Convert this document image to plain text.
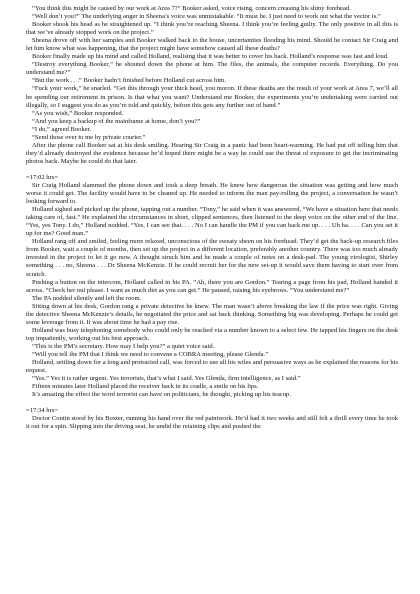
“You think this might be caused by our work at Area 7?” Booker asked, voice rising, concern creasing his shiny forehead.

“Well don’t you?” The underlying anger in Sheena’s voice was unmistakable. “It must be. I just need to work out what the vector is.”

Booker shook his head as he straightened up. “I think you’re reaching Sheena. I think you’re feeling guilty. The only positive in all this is that we’ve already stopped work on the project.”

Sheena drove off with her samples and Booker walked back to the house, uncertainties flooding his mind. Should he contact Sir Craig and let him know what was happening, that the project might have somehow caused all these deaths?

Booker finally made up his mind and called Holland, realising that it was better to cover his back. Holland’s response was fast and loud.

“Destroy everything Booker,” he shouted down the phone at him. The files, the animals, the computer records. Everything. Do you understand me?”

“But the work . . .” Booker hadn’t finished before Holland cut across him.

“Fuck your work,” he snarled. “Get this through your thick head, you moron. If these deaths are the result of your work at Area 7, we’ll all be spending our retirement in prison. Is that what you want? Understand me Booker, the experiments you’re undertaking were carried out illegally, so I suggest you do as you’re told and quickly, before this gets any further out of hand.”

“As you wish,” Booker responded.

“And you keep a backup of the mainframe at home, don’t you?”

“I do,” agreed Booker.

“Send those over to me by private courier.”

After the phone call Booker sat at his desk smiling. Hearing Sir Craig in a panic had been heart-warming. He had put off telling him that they’d already destroyed the evidence because he’d hoped there might be a way he could use the threat of exposure to get the incriminating photos back. Maybe he could do that later.

=17:02 hrs=

Sir Craig Holland slammed the phone down and took a deep breath. He knew how dangerous the situation was getting and how much worse it could get. The facility would have to be cleaned up. He needed to inform the man pay-rolling the project, a conversation he wasn’t looking forward to.

Holland sighed and picked up the phone, tapping out a number. “Tony,” he said when it was answered, “We have a situation here that needs taking care of, fast.” He explained the circumstances in short, clipped sentences, then listened to the deep voice on the other end of the line. “Yes, yes Tony. I do,” Holland nodded. “Yes, I can see that. . . . No I can handle the PM if you can back me up. . . . Uh ha. . . . Can you set it up for me? Good man.”

Holland rang off and smiled, feeling more relaxed, unconscious of the sweaty sheen on his forehead. They’d get the back-up research files from Booker, wait a couple of months, then set up the project in a different location, preferably another country. There was too much already invested in the project to let it go now. A thought struck him and he made a couple of notes on a desk-pad. The young virologist, Shirley something . . . no, Sheena . . . Dr Sheena McKenzie. If he could recruit her for the new set-up it would save them having to start over from scratch.

Pushing a button on the intercom, Holland called in his PA. “Ah, there you are Gordon.” Tearing a page from his pad, Holland handed it across. “Check her out please. I want as much dirt as you can get.” He paused, raising his eyebrows. “You understand me?”

The PA nodded silently and left the room.

Sitting down at his desk, Gordon rang a private detective he knew. The man wasn’t above breaking the law if the price was right. Giving the detective Sheena McKenzie’s details, he negotiated the price and sat back thinking. Something big was developing. Perhaps he could get some leverage from it. It was about time he had a pay rise.

Holland was busy telephoning somebody who could only be reached via a number known to a select few. He tapped his fingers on the desk top impatiently, working out his best approach.

“This is the PM’s secretary. How may I help you?” a quiet voice said.

“Will you tell the PM that I think we need to convene a COBRA meeting, please Glenda.”

Holland, settling down for a long and protracted call, was forced to use all his wiles and persuasive ways as he explained the reasons for his request.

“Yes.” Yes it is rather urgent. Yes terrorists, that’s what I said. Yes Glenda, firm intelligence, as I said.”

Fifteen minutes later Holland placed the receiver back in its cradle, a smile on his lips.

It’s amazing the effect the word terrorist can have on politicians, he thought, picking up his teacup.

=17:34 hrs=

Doctor Contin stood by his Boxter, running his hand over the red paintwork. He’d had it two weeks and still felt a thrill every time he took it out for a spin. Slipping into the driving seat, he undid the retaining clips and pushed the
